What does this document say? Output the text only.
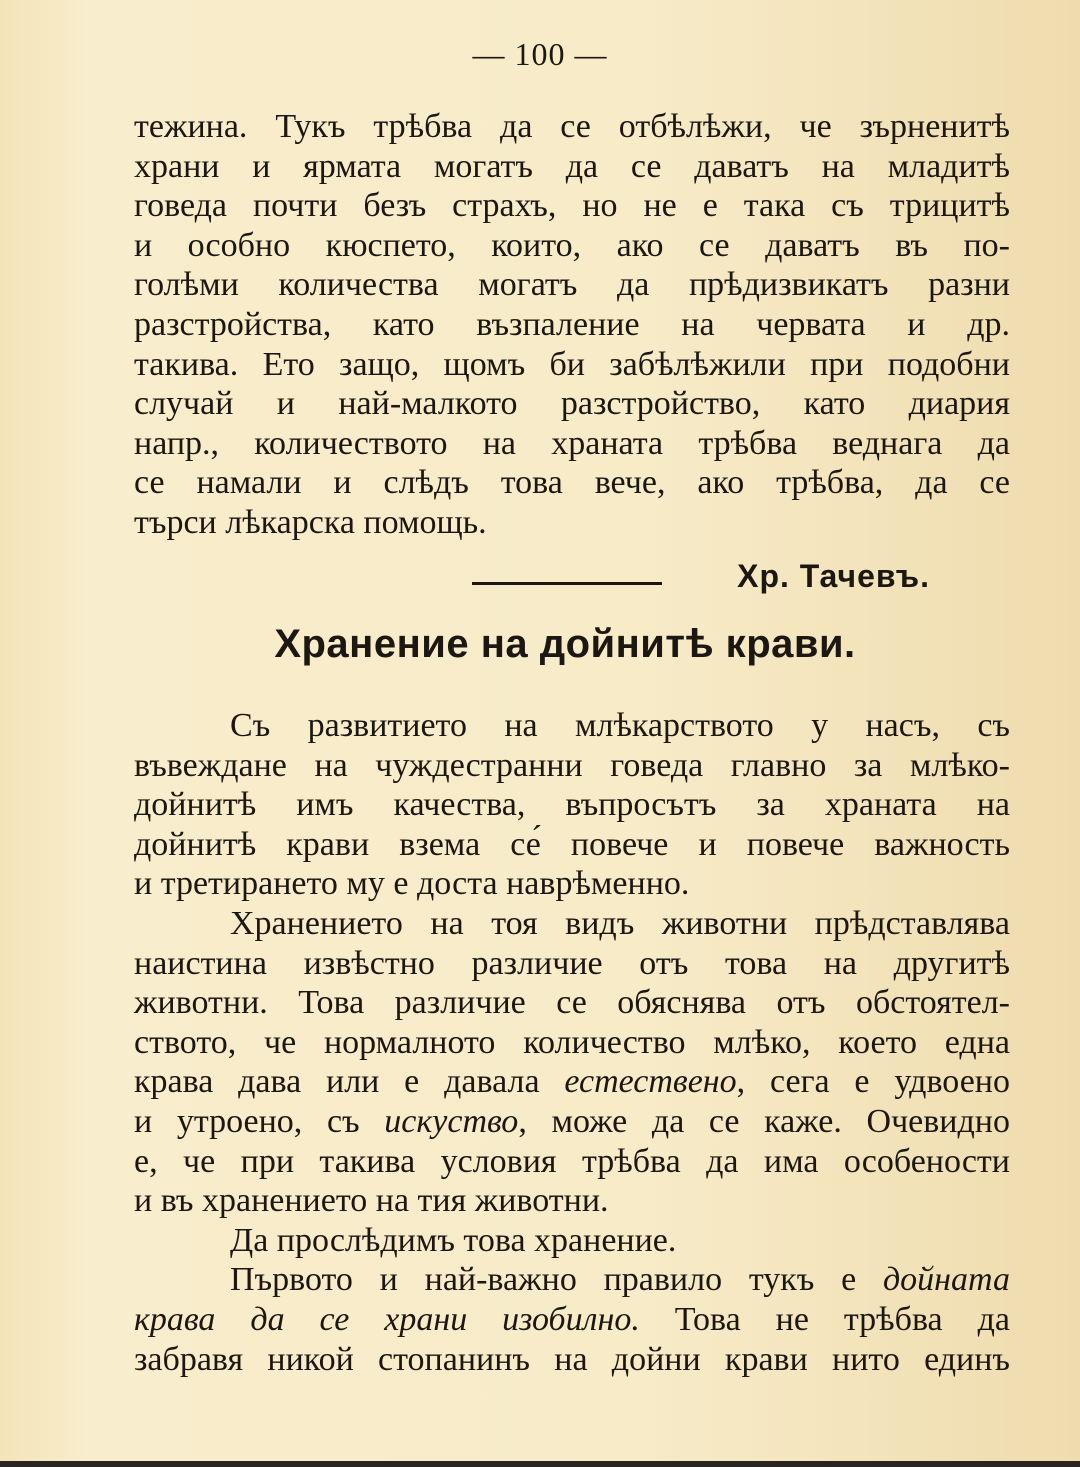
— 100 —
тежина. Тукъ трѣбва да се отбѣлѣжи, че зърненитѣ
храни и ярмата могатъ да се даватъ на младитѣ
говеда почти безъ страхъ, но не е така съ трицитѣ
и особно кюспето, които, ако се даватъ въ по-
голѣми количества могатъ да прѣдизвикатъ разни
разстройства, като възпаление на червата и др.
такива. Ето защо, щомъ би забѣлѣжили при подобни
случай и най-малкото разстройство, като диария
напр., количеството на храната трѣбва веднага да
се намали и слѣдъ това вече, ако трѣбва, да се
търси лѣкарска помощь.
Хр. Тачевъ.
Хранение на дойнитѣ крави.
Съ развитието на млѣкарството у насъ, съ
въвеждане на чуждестранни говеда главно за млѣко-
дойнитѣ имъ качества, въпросътъ за храната на
дойнитѣ крави взема се́ повече и повече важность
и третирането му е доста наврѣменно.
Хранението на тоя видъ животни прѣдставлява
наистина извѣстно различие отъ това на другитѣ
животни. Това различие се обяснява отъ обстоятел-
ството, че нормалното количество млѣко, което една
крава дава или е давала естествено, сега е удвоено
и утроено, съ искуство, може да се каже. Очевидно
е, че при такива условия трѣбва да има особености
и въ хранението на тия животни.
Да прослѣдимъ това хранение.
Първото и най-важно правило тукъ е дойната
крава да се храни изобилно. Това не трѣбва да
забравя никой стопанинъ на дойни крави нито единъ
